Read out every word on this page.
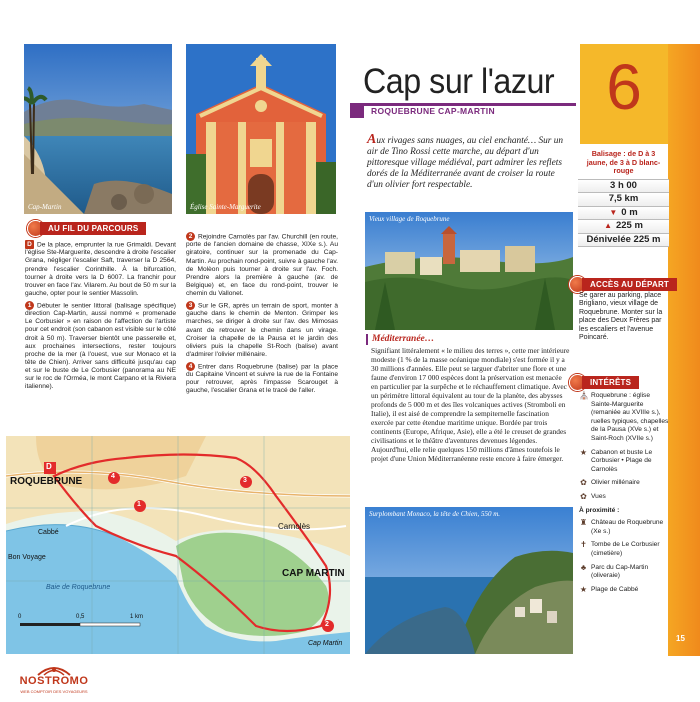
Cap-Martin	Église Sainte-Marguerite
AU FIL DU PARCOURS

D De la place, emprunter la rue Grimaldi. Devant l'église Ste-Marguerite, descendre à droite l'escalier Grana, négliger l'escalier Saft, traverser la D 2564, prendre l'escalier Corinthille. À la bifurcation, tourner à droite vers la D 6007. La franchir pour trouver en face l'av. Vilarem. Au bout de 50 m sur la gauche, opter pour le sentier Massolin.

1 Débuter le sentier littoral (balisage spécifique) direction Cap-Martin, aussi nommé « promenade Le Corbusier » en raison de l'affection de l'artiste pour cet endroit (son cabanon est visible sur le côté droit à 50 m). Traverser bientôt une passerelle et, aux prochaines intersections, rester toujours proche de la mer (à l'ouest, vue sur Monaco et la tête de Chien). Arriver sans difficulté jusqu'au cap et sur le buste de Le Corbusier (panorama au NE sur le roc de l'Orméa, le mont Carpano et la Riviera italienne).

2 Rejoindre Carnolès par l'av. Churchill (en route, porte de l'ancien domaine de chasse, XIXe s.). Au giratoire, continuer sur la promenade du Cap-Martin. Au prochain rond-point, suivre à gauche l'av. de Molèon puis tourner à droite sur l'av. Foch. Prendre alors la première à gauche (av. de Belgique) et, en face du rond-point, trouver le chemin du Vallonet.

3 Sur le GR, après un terrain de sport, monter à gauche dans le chemin de Menton. Grimper les marches, se diriger à droite sur l'av. des Mimosas avant de retrouver le chemin dans un virage. Croiser la chapelle de la Pausa et le jardin des oliviers puis la chapelle St-Roch (balise) avant d'admirer l'olivier millénaire.

4 Entrer dans Roquebrune (balise) par la place du Capitaine Vincent et suivre la rue de la Fontaine pour retrouver, après l'impasse Scarouget à gauche, l'escalier Grana et le tracé de l'aller.

D
4
3
1
2
ROQUEBRUNE
Cabbé
Bon Voyage
Baie de Roquebrune
Carnolès
CAP MARTIN
Cap Martin
0	0,5	1 km
Cap sur l'azur
ROQUEBRUNE CAP-MARTIN	6
15
Aux rivages sans nuages, au ciel enchanté… Sur un air de Tino Rossi cette marche, au départ d'un pittoresque village médiéval, part admirer les reflets dorés de la Méditerranée avant de croiser la route d'un olivier fort respectable.
Balisage : de D à 3 jaune, de 3 à D blanc-rouge
3 h 00
7,5 km
▼ 0 m
▲ 225 m
Dénivelée 225 m
Vieux village de Roquebrune
Méditerranée…

Signifiant littéralement « le milieu des terres », cette mer intérieure modeste (1 % de la masse océanique mondiale) s'est formée il y a 30 millions d'années. Elle peut se targuer d'abriter une flore et une faune d'environ 17 000 espèces dont la préservation est menacée en particulier par la surpêche et le réchauffement climatique. Avec un périmètre littoral équivalent au tour de la planète, des abysses profonds de 5 000 m et des îles volcaniques actives (Stromboli en Italie), il est aisé de comprendre la sempiternelle fascination exercée par cette étendue maritime unique. Bordée par trois continents (Europe, Afrique, Asie), elle a été le creuset de grandes civilisations et le théâtre d'aventures devenues légendes. Aujourd'hui, elle relie quelques 150 millions d'âmes toutefois le projet d'une Union Méditerranéenne reste encore à faire émerger.

Surplombant Monaco, la tête de Chien, 550 m.
ACCÈS AU DÉPART
Se garer au parking, place Brigliano, vieux village de Roquebrune. Monter sur la place des Deux Frères par les escaliers et l'avenue Poincaré.
INTÉRÊTS
⛪ Roquebrune : église Sainte-Marguerite (remaniée au XVIIIe s.), ruelles typiques, chapelles de la Pausa (XVe s.) et Saint-Roch (XVIIe s.)
★ Cabanon et buste Le Corbusier • Plage de Carnolès
✿ Olivier millénaire
✿ Vues
À proximité :
♜ Château de Roquebrune (Xe s.)
✝ Tombe de Le Corbusier (cimetière)
♣ Parc du Cap-Martin (oliveraie)
★ Plage de Cabbé
NOSTROMO
WEB COMPTOIR DES VOYAGEURS
